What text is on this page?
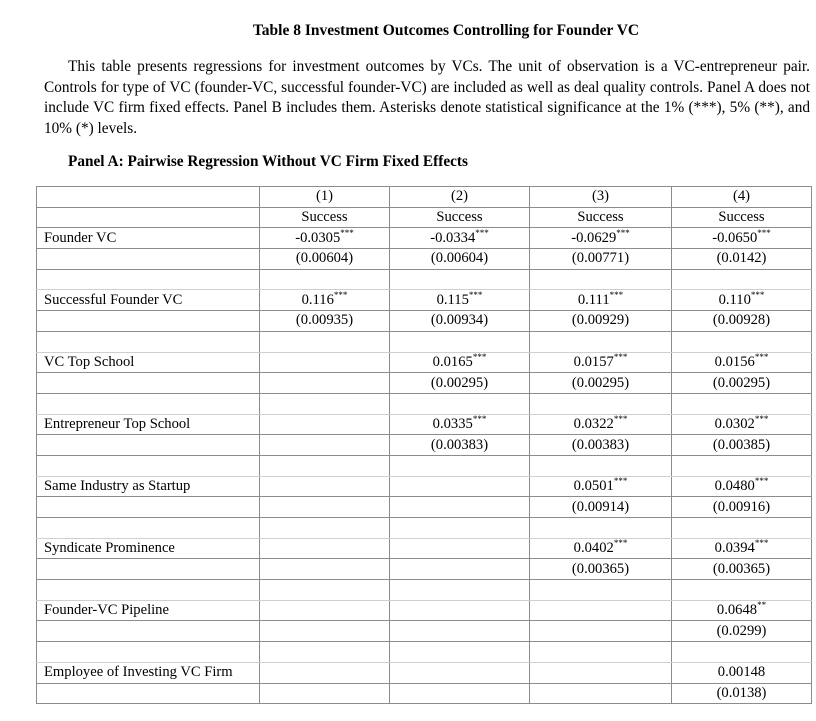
Table 8 Investment Outcomes Controlling for Founder VC

This table presents regressions for investment outcomes by VCs. The unit of observation is a VC-entrepreneur pair. Controls for type of VC (founder-VC, successful founder-VC) are included as well as deal quality controls. Panel A does not include VC firm fixed effects. Panel B includes them. Asterisks denote statistical significance at the 1% (***), 5% (**), and 10% (*) levels.

Panel A: Pairwise Regression Without VC Firm Fixed Effects
	(1)	(2)	(3)	(4)
	Success	Success	Success	Success
Founder VC	-0.0305***	-0.0334***	-0.0629***	-0.0650***
	(0.00604)	(0.00604)	(0.00771)	(0.0142)

Successful Founder VC	0.116***	0.115***	0.111***	0.110***
	(0.00935)	(0.00934)	(0.00929)	(0.00928)

VC Top School		0.0165***	0.0157***	0.0156***
		(0.00295)	(0.00295)	(0.00295)

Entrepreneur Top School		0.0335***	0.0322***	0.0302***
		(0.00383)	(0.00383)	(0.00385)

Same Industry as Startup			0.0501***	0.0480***
			(0.00914)	(0.00916)

Syndicate Prominence			0.0402***	0.0394***
			(0.00365)	(0.00365)

Founder-VC Pipeline				0.0648**
				(0.0299)

Employee of Investing VC Firm				0.00148
				(0.0138)
